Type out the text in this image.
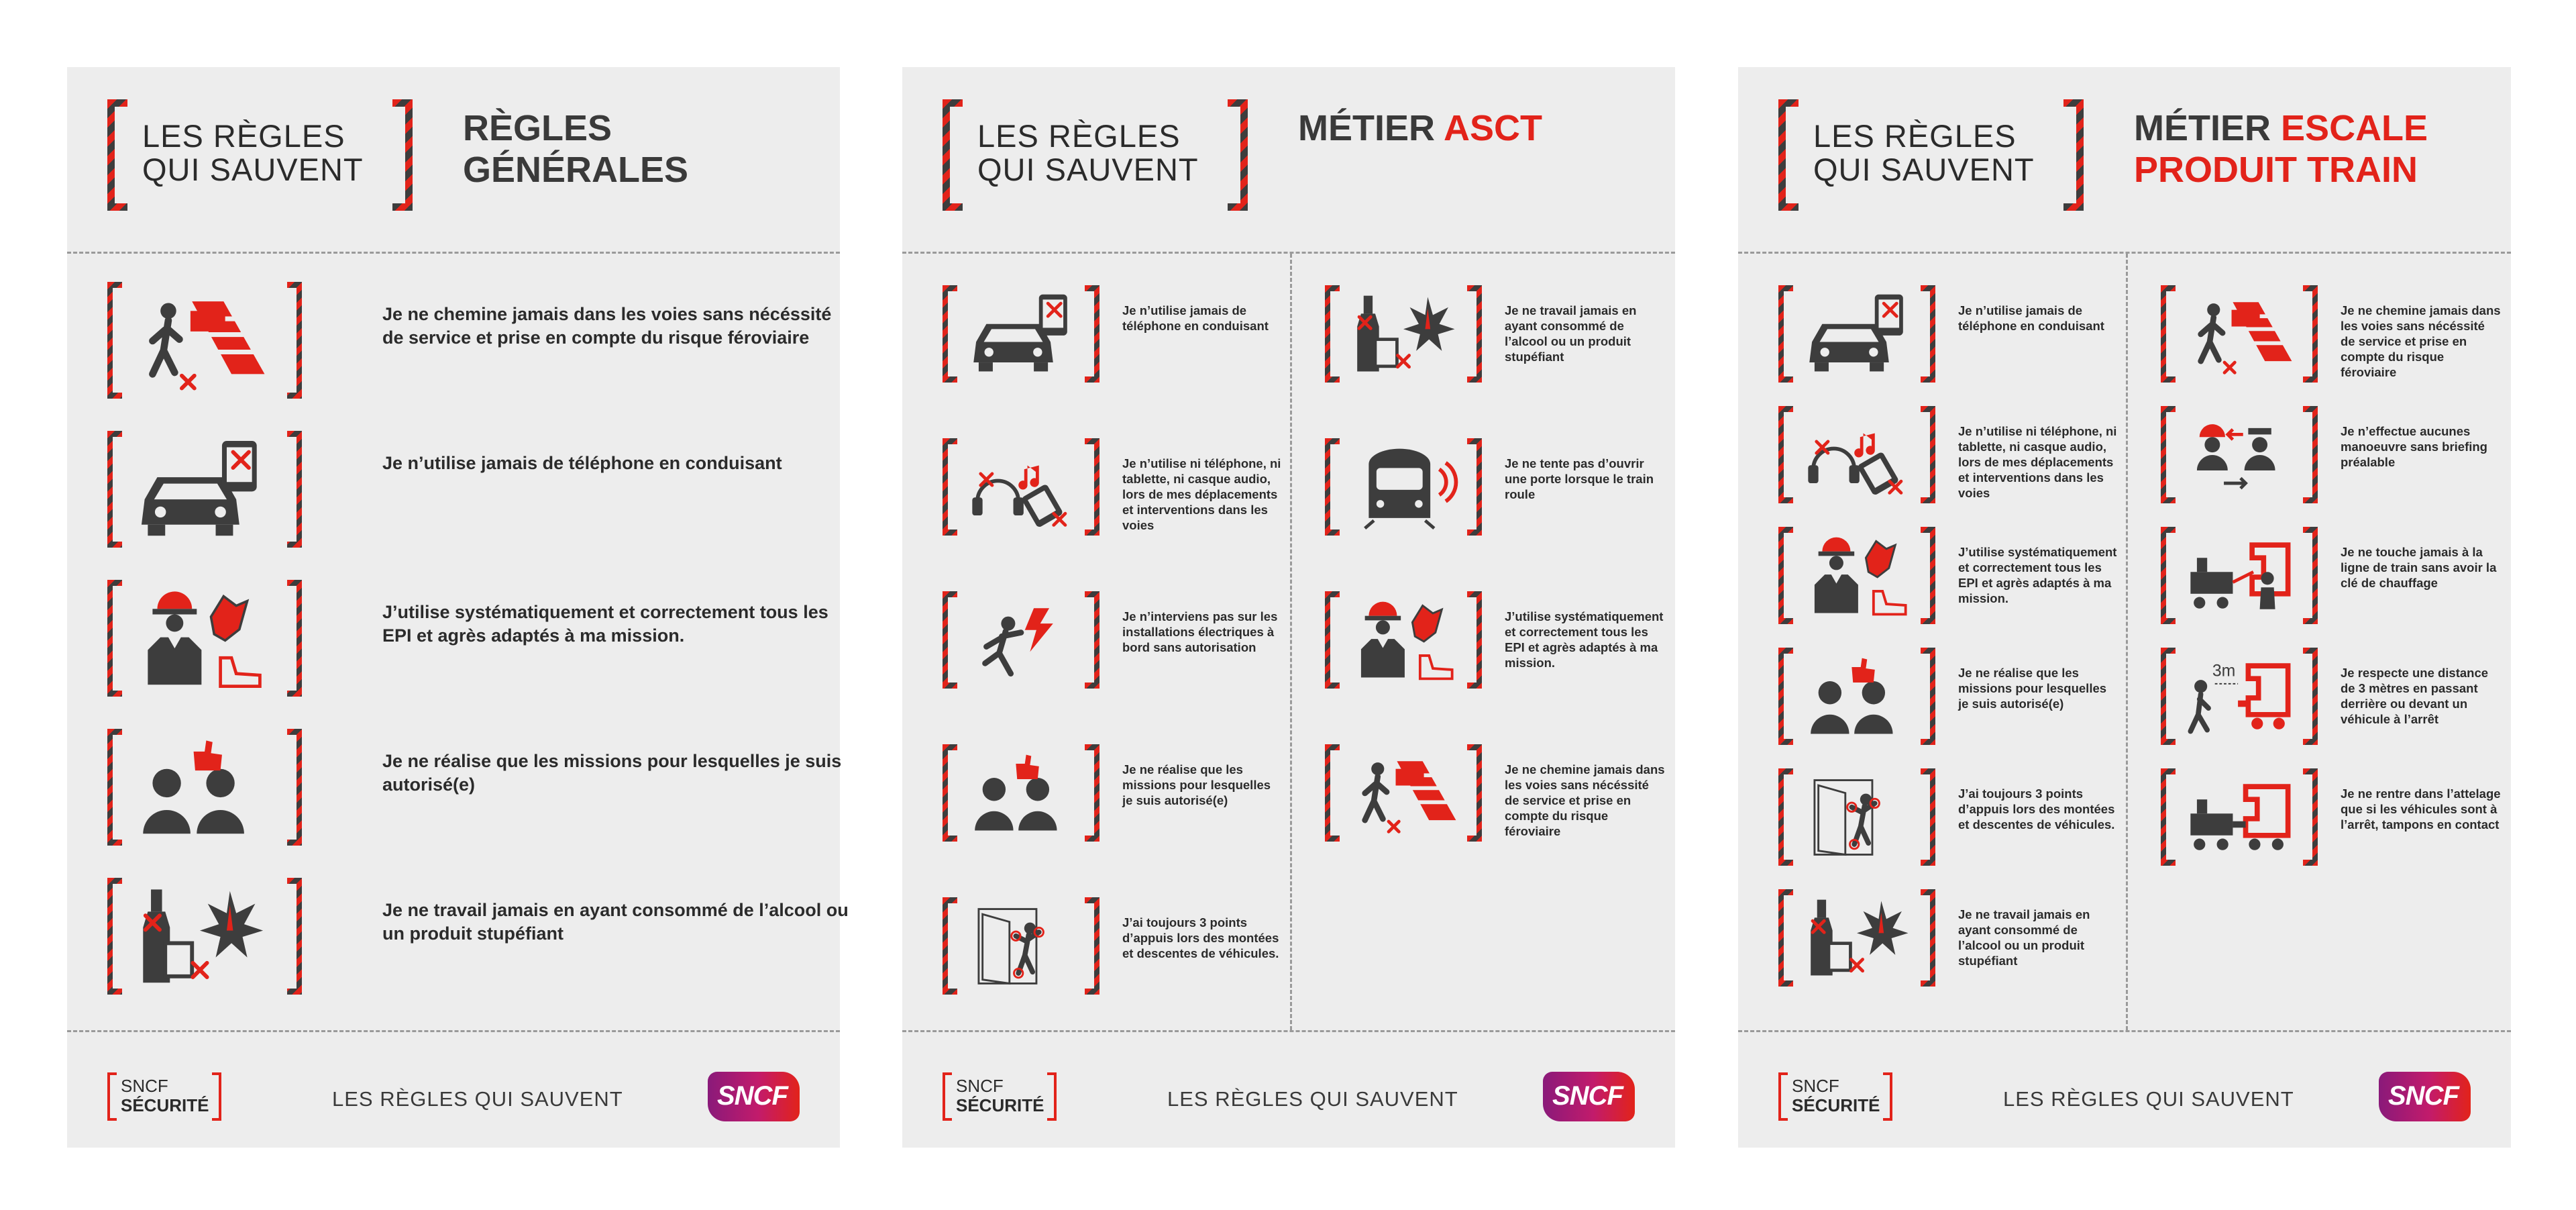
LES RÈGLES
QUI SAUVENT
RÈGLES GÉNÉRALES
Je ne chemine jamais dans les voies sans nécéssité de service et prise en compte du risque féroviaire
Je n’utilise jamais de téléphone en conduisant
J’utilise systématiquement et correctement tous les EPI et agrès adaptés à ma mission.
Je ne réalise que les missions pour lesquelles je suis autorisé(e)
Je ne travail jamais en ayant consommé de l’alcool ou un produit stupéfiant
SNCF
SÉCURITÉ	LES RÈGLES QUI SAUVENT	SNCF
LES RÈGLES
QUI SAUVENT
MÉTIER ASCT
Je n’utilise jamais de téléphone en conduisant
Je n’utilise ni téléphone, ni tablette, ni casque audio, lors de mes déplacements et interventions dans les voies
Je n’interviens pas sur les installations électriques à bord sans autorisation
Je ne réalise que les missions pour lesquelles je suis autorisé(e)
J’ai toujours 3 points d’appuis lors des montées et descentes de véhicules.
Je ne travail jamais en ayant consommé de l’alcool ou un produit stupéfiant
Je ne tente pas d’ouvrir une porte lorsque le train roule
J’utilise systématiquement et correctement tous les EPI et agrès adaptés à ma mission.
Je ne chemine jamais dans les voies sans nécéssité de service et prise en compte du risque féroviaire
SNCF
SÉCURITÉ	LES RÈGLES QUI SAUVENT	SNCF
LES RÈGLES
QUI SAUVENT
MÉTIER ESCALE PRODUIT TRAIN
Je n’utilise jamais de téléphone en conduisant
Je n’utilise ni téléphone, ni tablette, ni casque audio, lors de mes déplacements et interventions dans les voies
J’utilise systématiquement et correctement tous les EPI et agrès adaptés à ma mission.
Je ne réalise que les missions pour lesquelles je suis autorisé(e)
J’ai toujours 3 points d’appuis lors des montées et descentes de véhicules.
Je ne travail jamais en ayant consommé de l’alcool ou un produit stupéfiant
Je ne chemine jamais dans les voies sans nécéssité de service et prise en compte du risque féroviaire
Je n’effectue aucunes manoeuvre sans briefing préalable
Je ne touche jamais à la ligne de train sans avoir la clé de chauffage
3m	Je respecte une distance de 3 mètres en passant derrière ou devant un véhicule à l’arrêt
Je ne rentre dans l’attelage que si les véhicules sont à l’arrêt, tampons en contact
SNCF
SÉCURITÉ	LES RÈGLES QUI SAUVENT	SNCF
